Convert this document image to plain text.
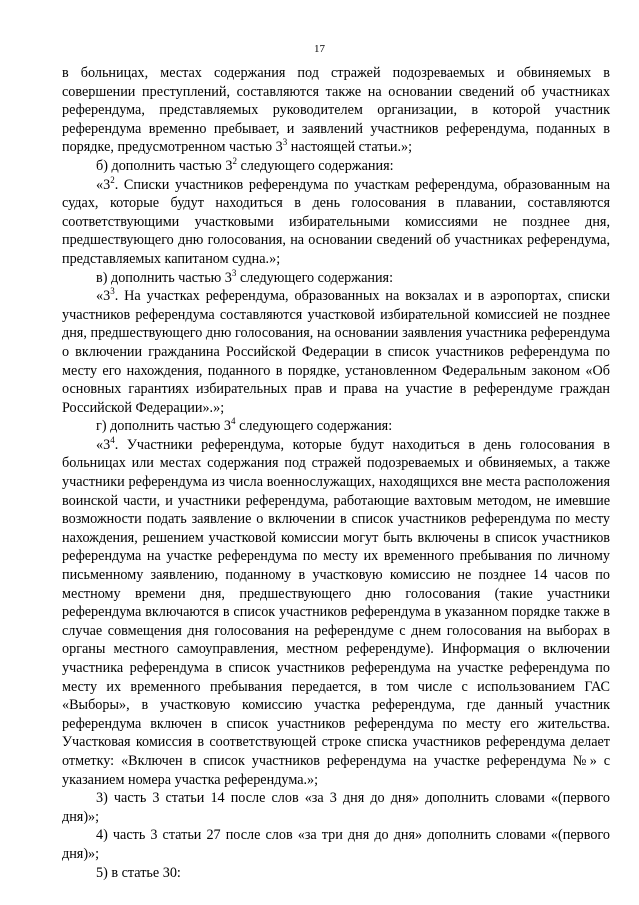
17

в больницах, местах содержания под стражей подозреваемых и обвиняемых в совершении преступлений, составляются также на основании сведений об участниках референдума, представляемых руководителем организации, в которой участник референдума временно пребывает, и заявлений участников референдума, поданных в порядке, предусмотренном частью $3^3$ настоящей статьи.»;

б) дополнить частью $3^2$ следующего содержания:

«$3^2$. Списки участников референдума по участкам референдума, образованным на судах, которые будут находиться в день голосования в плавании, составляются соответствующими участковыми избирательными комиссиями не позднее дня, предшествующего дню голосования, на основании сведений об участниках референдума, представляемых капитаном судна.»;

в) дополнить частью $3^3$ следующего содержания:

«$3^3$. На участках референдума, образованных на вокзалах и в аэропортах, списки участников референдума составляются участковой избирательной комиссией не позднее дня, предшествующего дню голосования, на основании заявления участника референдума о включении гражданина Российской Федерации в список участников референдума по месту его нахождения, поданного в порядке, установленном Федеральным законом «Об основных гарантиях избирательных прав и права на участие в референдуме граждан Российской Федерации».»;

г) дополнить частью $3^4$ следующего содержания:

«$3^4$. Участники референдума, которые будут находиться в день голосования в больницах или местах содержания под стражей подозреваемых и обвиняемых, а также участники референдума из числа военнослужащих, находящихся вне места расположения воинской части, и участники референдума, работающие вахтовым методом, не имевшие возможности подать заявление о включении в список участников референдума по месту нахождения, решением участковой комиссии могут быть включены в список участников референдума на участке референдума по месту их временного пребывания по личному письменному заявлению, поданному в участковую комиссию не позднее 14 часов по местному времени дня, предшествующего дню голосования (такие участники референдума включаются в список участников референдума в указанном порядке также в случае совмещения дня голосования на референдуме с днем голосования на выборах в органы местного самоуправления, местном референдуме). Информация о включении участника референдума в список участников референдума на участке референдума по месту их временного пребывания передается, в том числе с использованием ГАС «Выборы», в участковую комиссию участка референдума, где данный участник референдума включен в список участников референдума по месту его жительства. Участковая комиссия в соответствующей строке списка участников референдума делает отметку: «Включен в список участников референдума на участке референдума №» с указанием номера участка референдума.»;

3) часть 3 статьи 14 после слов «за 3 дня до дня» дополнить словами «(первого дня)»;

4) часть 3 статьи 27 после слов «за три дня до дня» дополнить словами «(первого дня)»;

5) в статье 30:
